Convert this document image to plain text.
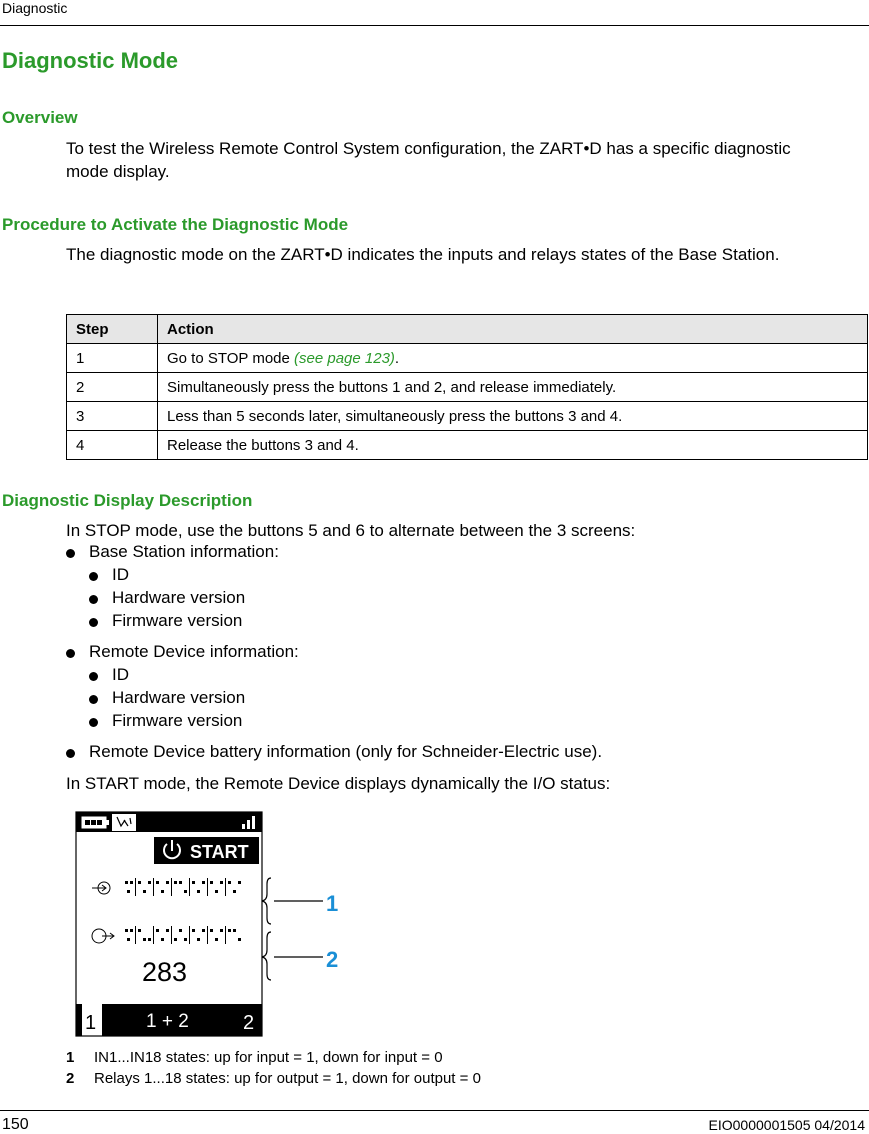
Diagnostic
Diagnostic Mode
Overview
To test the Wireless Remote Control System configuration, the ZART•D has a specific diagnostic
mode display.
Procedure to Activate the Diagnostic Mode
The diagnostic mode on the ZART•D indicates the inputs and relays states of the Base Station.
Step	Action
1	Go to STOP mode (see page 123).
2	Simultaneously press the buttons 1 and 2, and release immediately.
3	Less than 5 seconds later, simultaneously press the buttons 3 and 4.
4	Release the buttons 3 and 4.
Diagnostic Display Description
In STOP mode, use the buttons 5 and 6 to alternate between the 3 screens:
Base Station information:
ID
Hardware version
Firmware version
Remote Device information:
ID
Hardware version
Firmware version
Remote Device battery information (only for Schneider-Electric use).
In START mode, the Remote Device displays dynamically the I/O status:
START
283
1	1 + 2	2
1
2
1 IN1...IN18 states: up for input = 1, down for input = 0
2 Relays 1...18 states: up for output = 1, down for output = 0
150	EIO0000001505 04/2014
